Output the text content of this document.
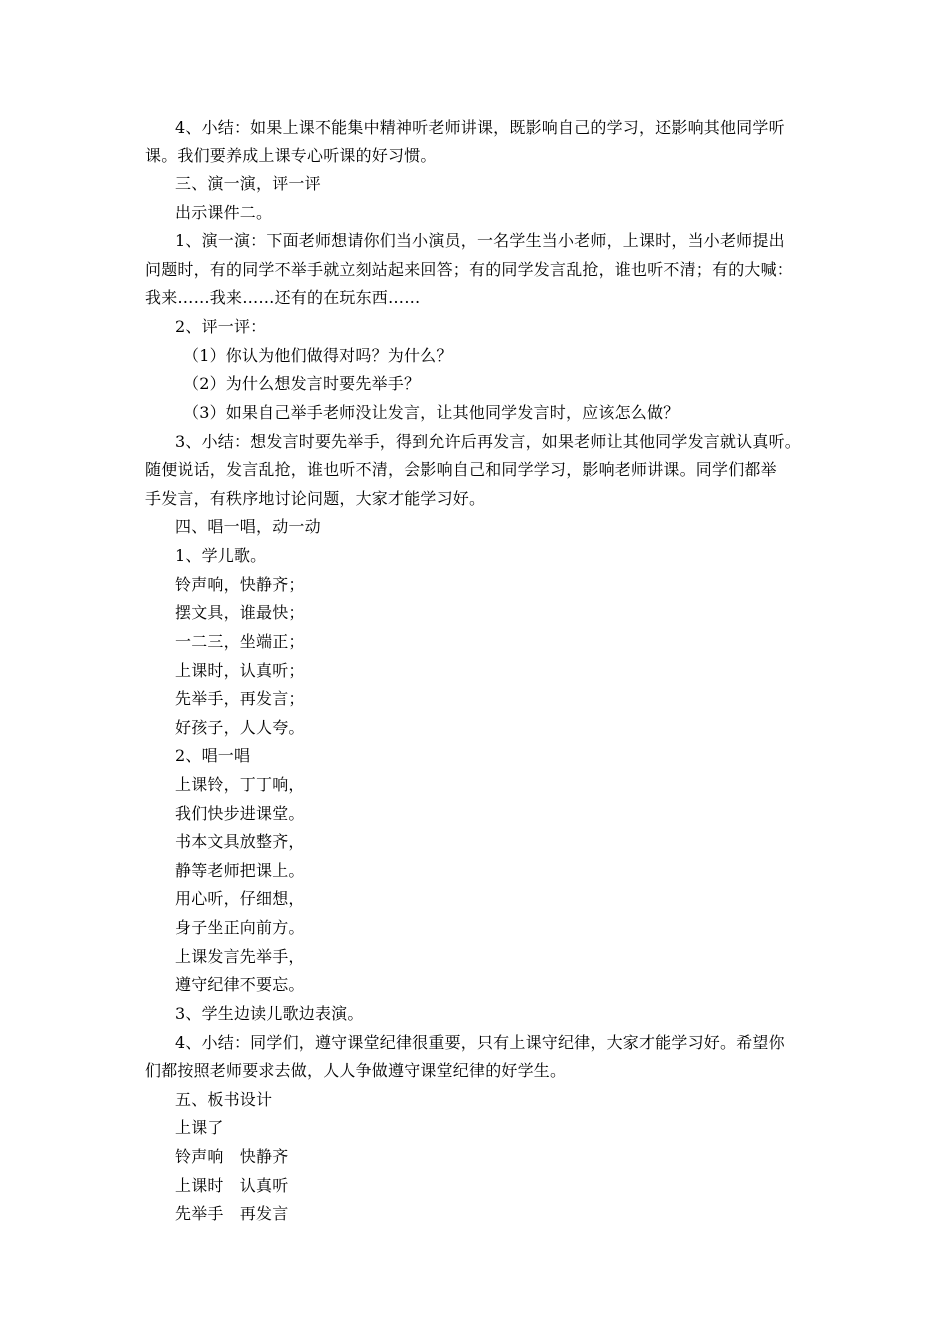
4、小结：如果上课不能集中精神听老师讲课，既影响自己的学习，还影响其他同学听
课。我们要养成上课专心听课的好习惯。
三、演一演，评一评
出示课件二。
1、演一演：下面老师想请你们当小演员，一名学生当小老师，上课时，当小老师提出
问题时，有的同学不举手就立刻站起来回答；有的同学发言乱抢，谁也听不清；有的大喊：
我来……我来……还有的在玩东西……
2、评一评：
（1）你认为他们做得对吗？为什么？
（2）为什么想发言时要先举手？
（3）如果自己举手老师没让发言，让其他同学发言时，应该怎么做？
3、小结：想发言时要先举手，得到允许后再发言，如果老师让其他同学发言就认真听。
随便说话，发言乱抢，谁也听不清，会影响自己和同学学习，影响老师讲课。同学们都举
手发言，有秩序地讨论问题，大家才能学习好。
四、唱一唱，动一动
1、学儿歌。
铃声响，快静齐；
摆文具，谁最快；
一二三，坐端正；
上课时，认真听；
先举手，再发言；
好孩子，人人夸。
2、唱一唱
上课铃，丁丁响，
我们快步进课堂。
书本文具放整齐，
静等老师把课上。
用心听，仔细想，
身子坐正向前方。
上课发言先举手，
遵守纪律不要忘。
3、学生边读儿歌边表演。
4、小结：同学们，遵守课堂纪律很重要，只有上课守纪律，大家才能学习好。希望你
们都按照老师要求去做，人人争做遵守课堂纪律的好学生。
五、板书设计
上课了
铃声响　快静齐
上课时　认真听
先举手　再发言
